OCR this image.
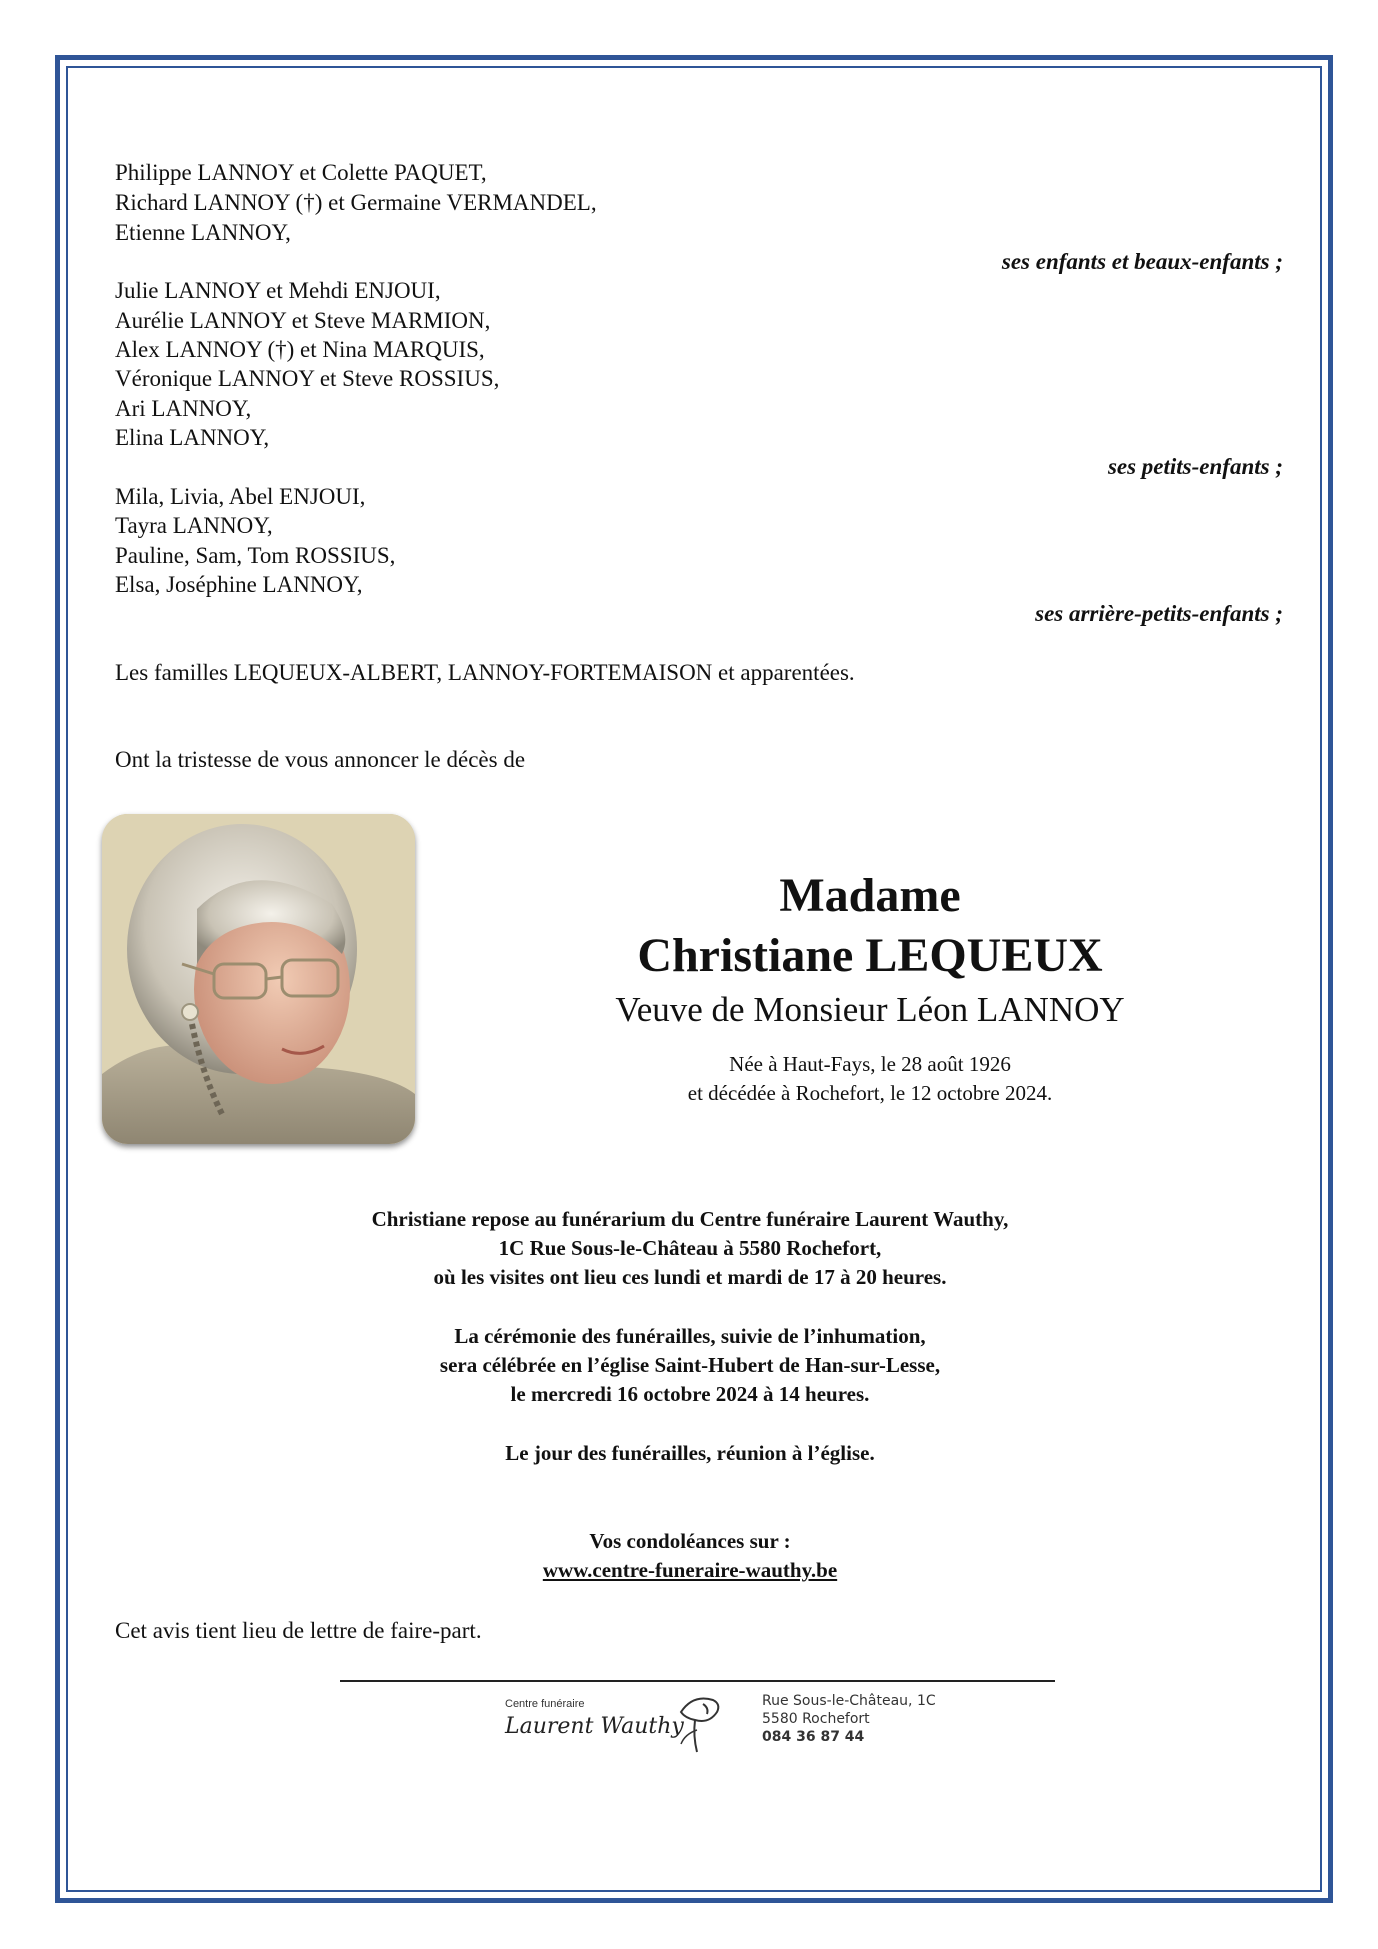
Philippe LANNOY et Colette PAQUET,
Richard LANNOY (†) et Germaine VERMANDEL,
Etienne LANNOY,
ses enfants et beaux-enfants ;
Julie LANNOY et Mehdi ENJOUI,
Aurélie LANNOY et Steve MARMION,
Alex LANNOY (†) et Nina MARQUIS,
Véronique LANNOY et Steve ROSSIUS,
Ari LANNOY,
Elina LANNOY,
ses petits-enfants ;
Mila, Livia, Abel ENJOUI,
Tayra LANNOY,
Pauline, Sam, Tom ROSSIUS,
Elsa, Joséphine LANNOY,
ses arrière-petits-enfants ;
Les familles LEQUEUX-ALBERT, LANNOY-FORTEMAISON et apparentées.
Ont la tristesse de vous annoncer le décès de
Madame
Christiane LEQUEUX
Veuve de Monsieur Léon LANNOY
Née à Haut-Fays, le 28 août 1926
et décédée à Rochefort, le 12 octobre 2024.
Christiane repose au funérarium du Centre funéraire Laurent Wauthy,
1C Rue Sous-le-Château à 5580 Rochefort,
où les visites ont lieu ces lundi et mardi de 17 à 20 heures.
La cérémonie des funérailles, suivie de l’inhumation,
sera célébrée en l’église Saint-Hubert de Han-sur-Lesse,
le mercredi 16 octobre 2024 à 14 heures.
Le jour des funérailles, réunion à l’église.
Vos condoléances sur :
www.centre-funeraire-wauthy.be
Cet avis tient lieu de lettre de faire-part.
Centre funéraire
Laurent Wauthy
Rue Sous-le-Château, 1C
5580 Rochefort
084 36 87 44
